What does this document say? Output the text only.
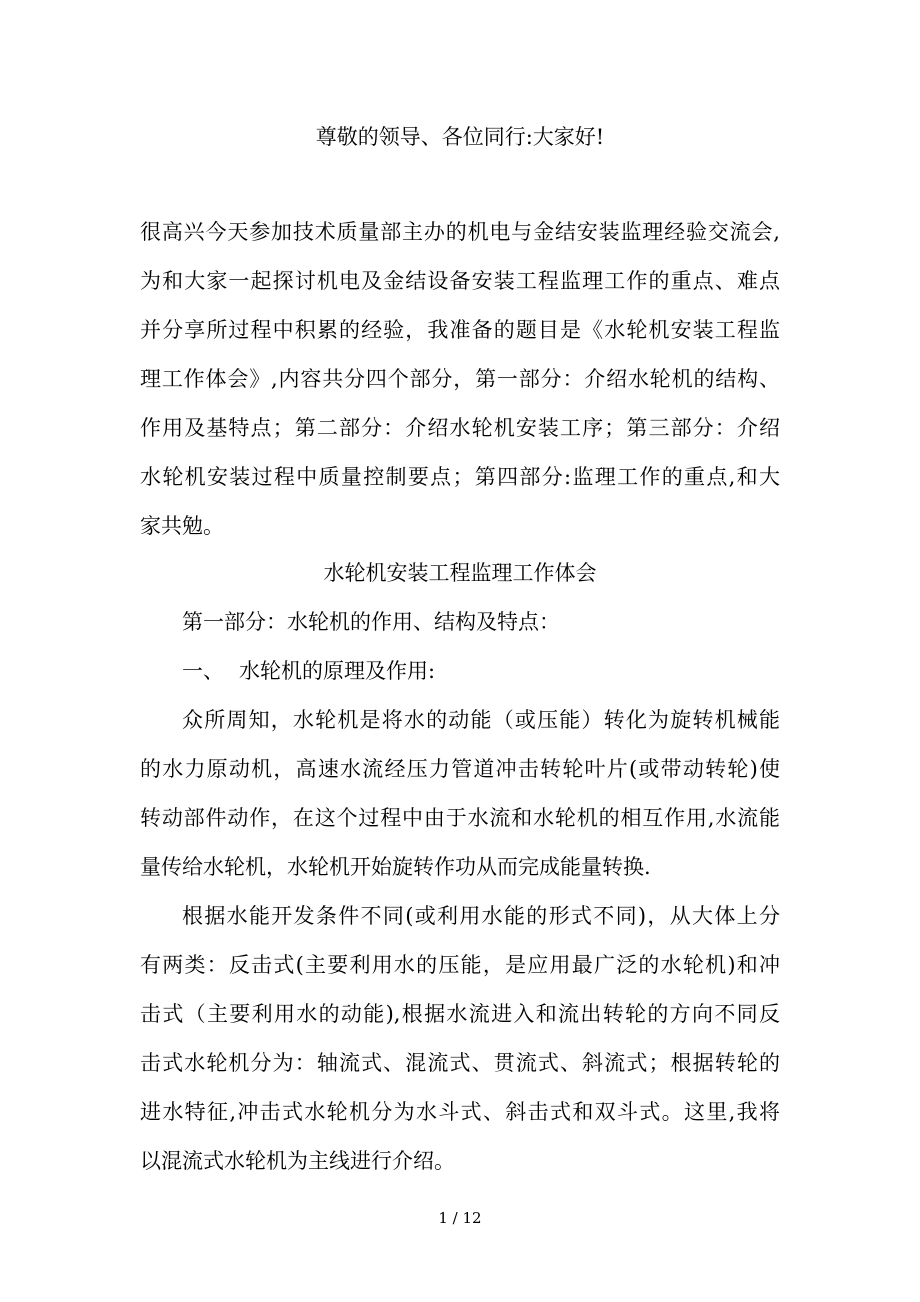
尊敬的领导、各位同行:大家好!
很高兴今天参加技术质量部主办的机电与金结安装监理经验交流会,
为和大家一起探讨机电及金结设备安装工程监理工作的重点、难点
并分享所过程中积累的经验，我准备的题目是《水轮机安装工程监
理工作体会》,内容共分四个部分，第一部分：介绍水轮机的结构、
作用及基特点；第二部分：介绍水轮机安装工序；第三部分：介绍
水轮机安装过程中质量控制要点；第四部分:监理工作的重点,和大
家共勉。
水轮机安装工程监理工作体会
第一部分：水轮机的作用、结构及特点：
一、 水轮机的原理及作用:
众所周知，水轮机是将水的动能（或压能）转化为旋转机械能
的水力原动机，高速水流经压力管道冲击转轮叶片(或带动转轮)使
转动部件动作，在这个过程中由于水流和水轮机的相互作用,水流能
量传给水轮机，水轮机开始旋转作功从而完成能量转换.
根据水能开发条件不同(或利用水能的形式不同)，从大体上分
有两类：反击式(主要利用水的压能，是应用最广泛的水轮机)和冲
击式（主要利用水的动能),根据水流进入和流出转轮的方向不同反
击式水轮机分为：轴流式、混流式、贯流式、斜流式；根据转轮的
进水特征,冲击式水轮机分为水斗式、斜击式和双斗式。这里,我将
以混流式水轮机为主线进行介绍。
1 / 12
